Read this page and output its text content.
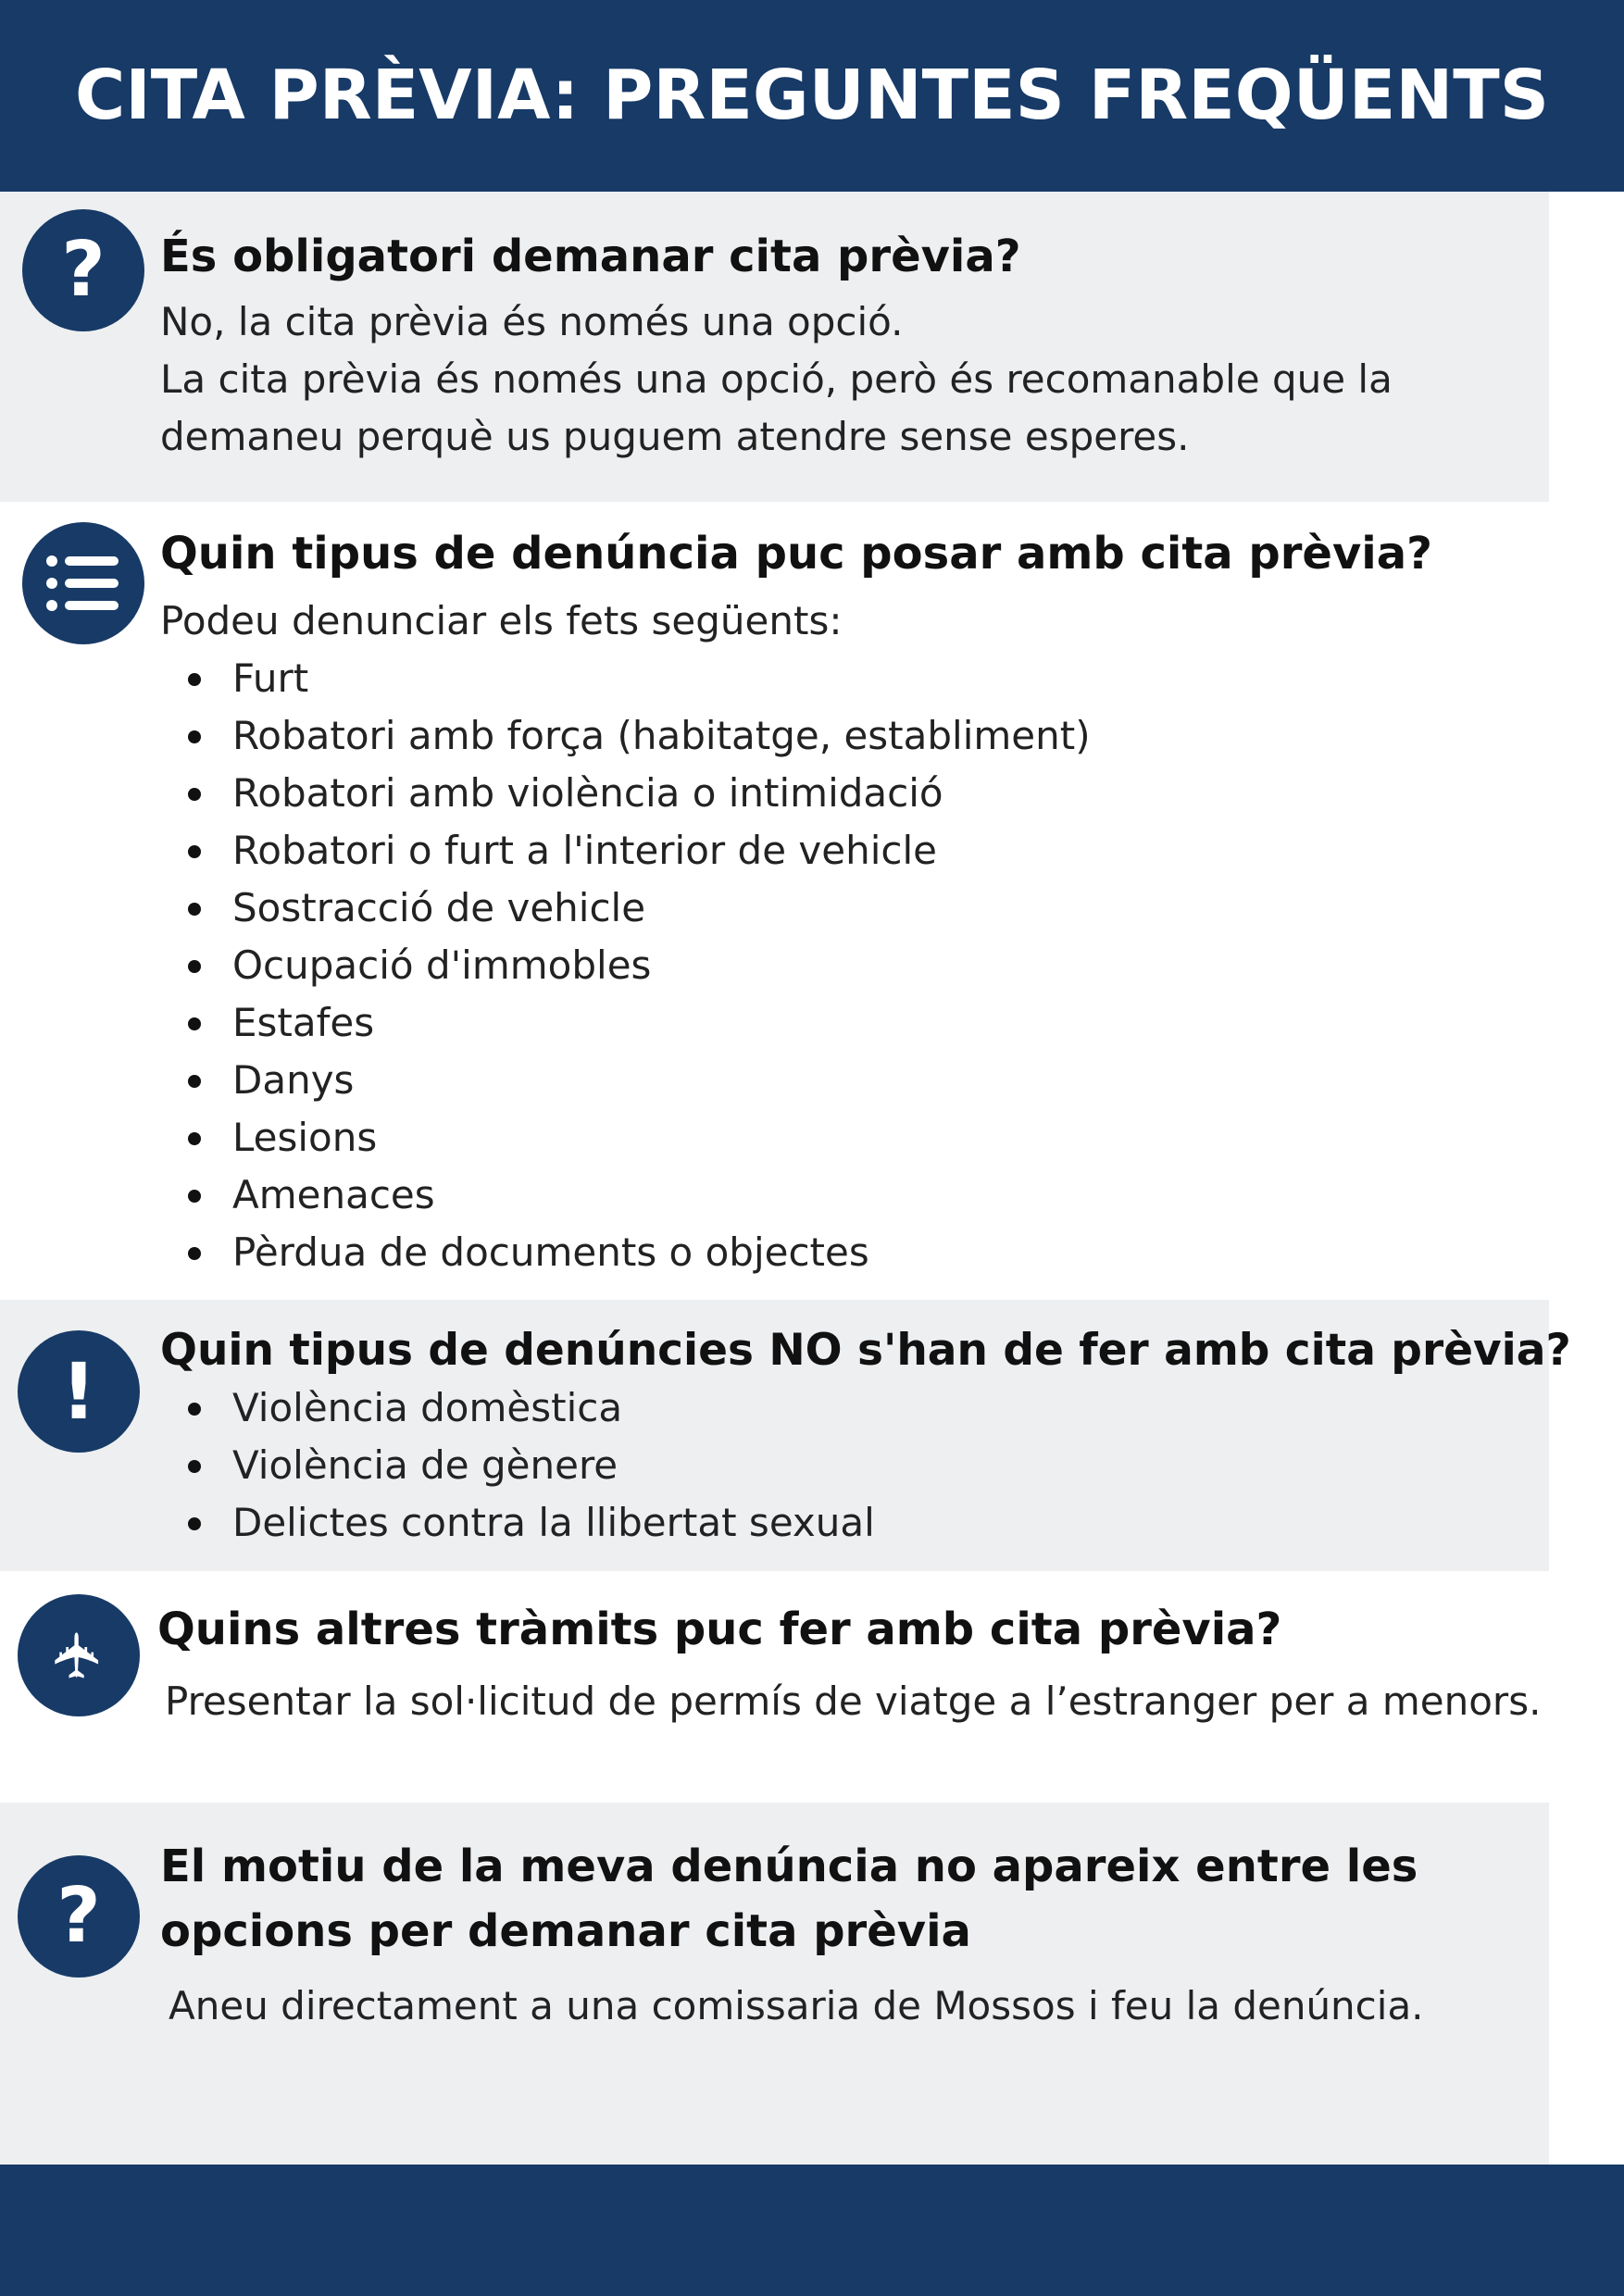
CITA PRÈVIA: PREGUNTES FREQÜENTS
? És obligatori demanar cita prèvia?

No, la cita prèvia és només una opció.

La cita prèvia és només una opció, però és recomanable que la

demaneu perquè us puguem atendre sense esperes.

Quin tipus de denúncia puc posar amb cita prèvia?

Podeu denunciar els fets següents:

Furt
Robatori amb força (habitatge, establiment)
Robatori amb violència o intimidació
Robatori o furt a l'interior de vehicle
Sostracció de vehicle
Ocupació d'immobles
Estafes
Danys
Lesions
Amenaces
Pèrdua de documents o objectes
! Quin tipus de denúncies NO s'han de fer amb cita prèvia?
Violència domèstica
Violència de gènere
Delictes contra la llibertat sexual
✈ Quins altres tràmits puc fer amb cita prèvia?

Presentar la sol·licitud de permís de viatge a l’estranger per a menors.

?
El motiu de la meva denúncia no apareix entre les
opcions per demanar cita prèvia

Aneu directament a una comissaria de Mossos i feu la denúncia.
